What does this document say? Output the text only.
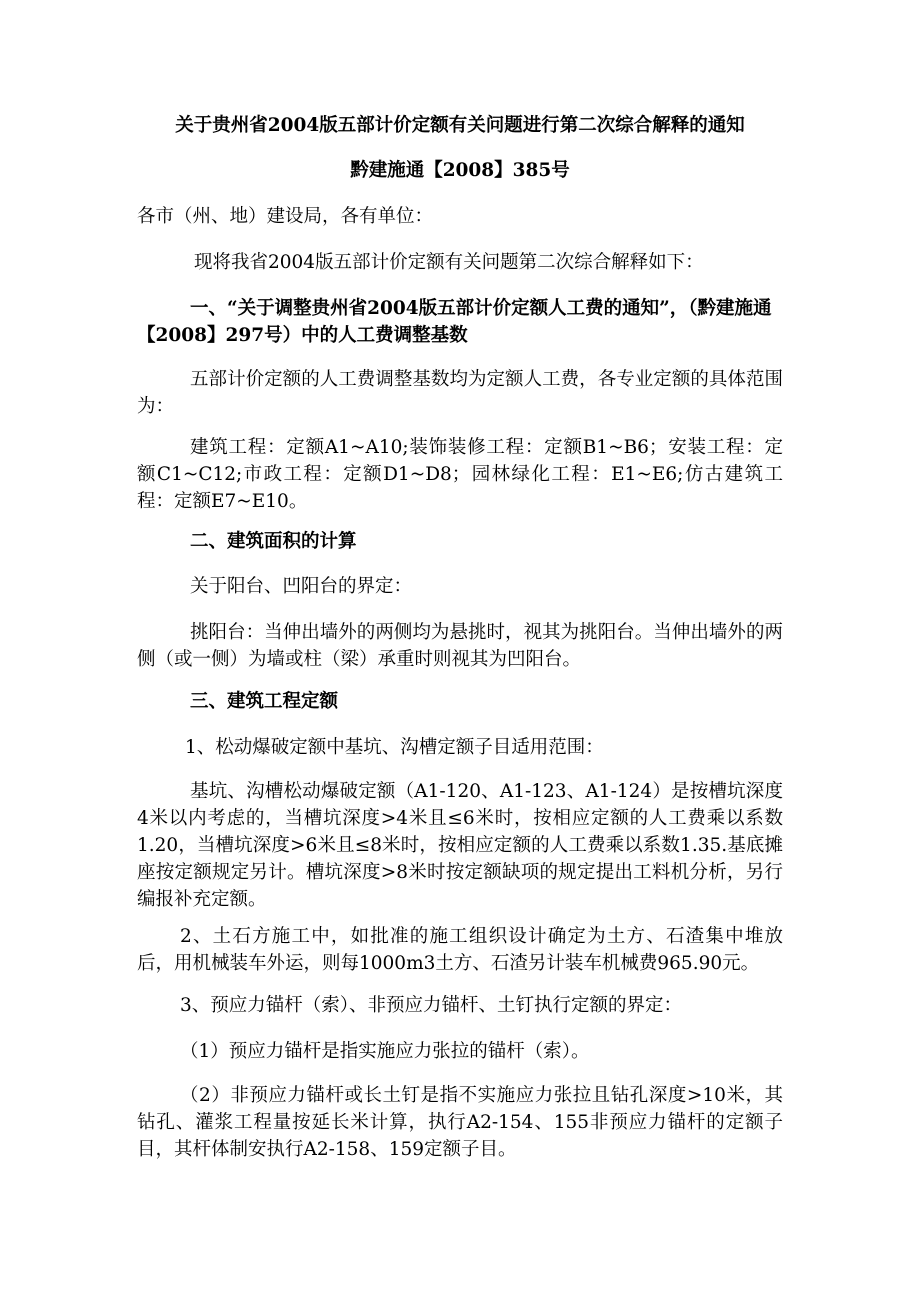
关于贵州省2004版五部计价定额有关问题进行第二次综合解释的通知
黔建施通【2008】385号
各市（州、地）建设局，各有单位：
现将我省2004版五部计价定额有关问题第二次综合解释如下：
一、“关于调整贵州省2004版五部计价定额人工费的通知”，（黔建施通
【2008】297号）中的人工费调整基数
五部计价定额的人工费调整基数均为定额人工费，各专业定额的具体范围为：
建筑工程：定额A1~A10;装饰装修工程：定额B1~B6；安装工程：定额C1~C12;市政工程：定额D1~D8；园林绿化工程：E1~E6;仿古建筑工程：定额E7~E10。
二、建筑面积的计算
关于阳台、凹阳台的界定：
挑阳台：当伸出墙外的两侧均为悬挑时，视其为挑阳台。当伸出墙外的两侧（或一侧）为墙或柱（梁）承重时则视其为凹阳台。
三、建筑工程定额
1、松动爆破定额中基坑、沟槽定额子目适用范围：
基坑、沟槽松动爆破定额（A1-120、A1-123、A1-124）是按槽坑深度4米以内考虑的，当槽坑深度>4米且≤6米时，按相应定额的人工费乘以系数1.20，当槽坑深度>6米且≤8米时，按相应定额的人工费乘以系数1.35.基底摊座按定额规定另计。槽坑深度>8米时按定额缺项的规定提出工料机分析，另行编报补充定额。
2、土石方施工中，如批准的施工组织设计确定为土方、石渣集中堆放后，用机械装车外运，则每1000m3土方、石渣另计装车机械费965.90元。
3、预应力锚杆（索）、非预应力锚杆、土钉执行定额的界定：
（1）预应力锚杆是指实施应力张拉的锚杆（索）。
（2）非预应力锚杆或长土钉是指不实施应力张拉且钻孔深度>10米，其钻孔、灌浆工程量按延长米计算，执行A2-154、155非预应力锚杆的定额子目，其杆体制安执行A2-158、159定额子目。
